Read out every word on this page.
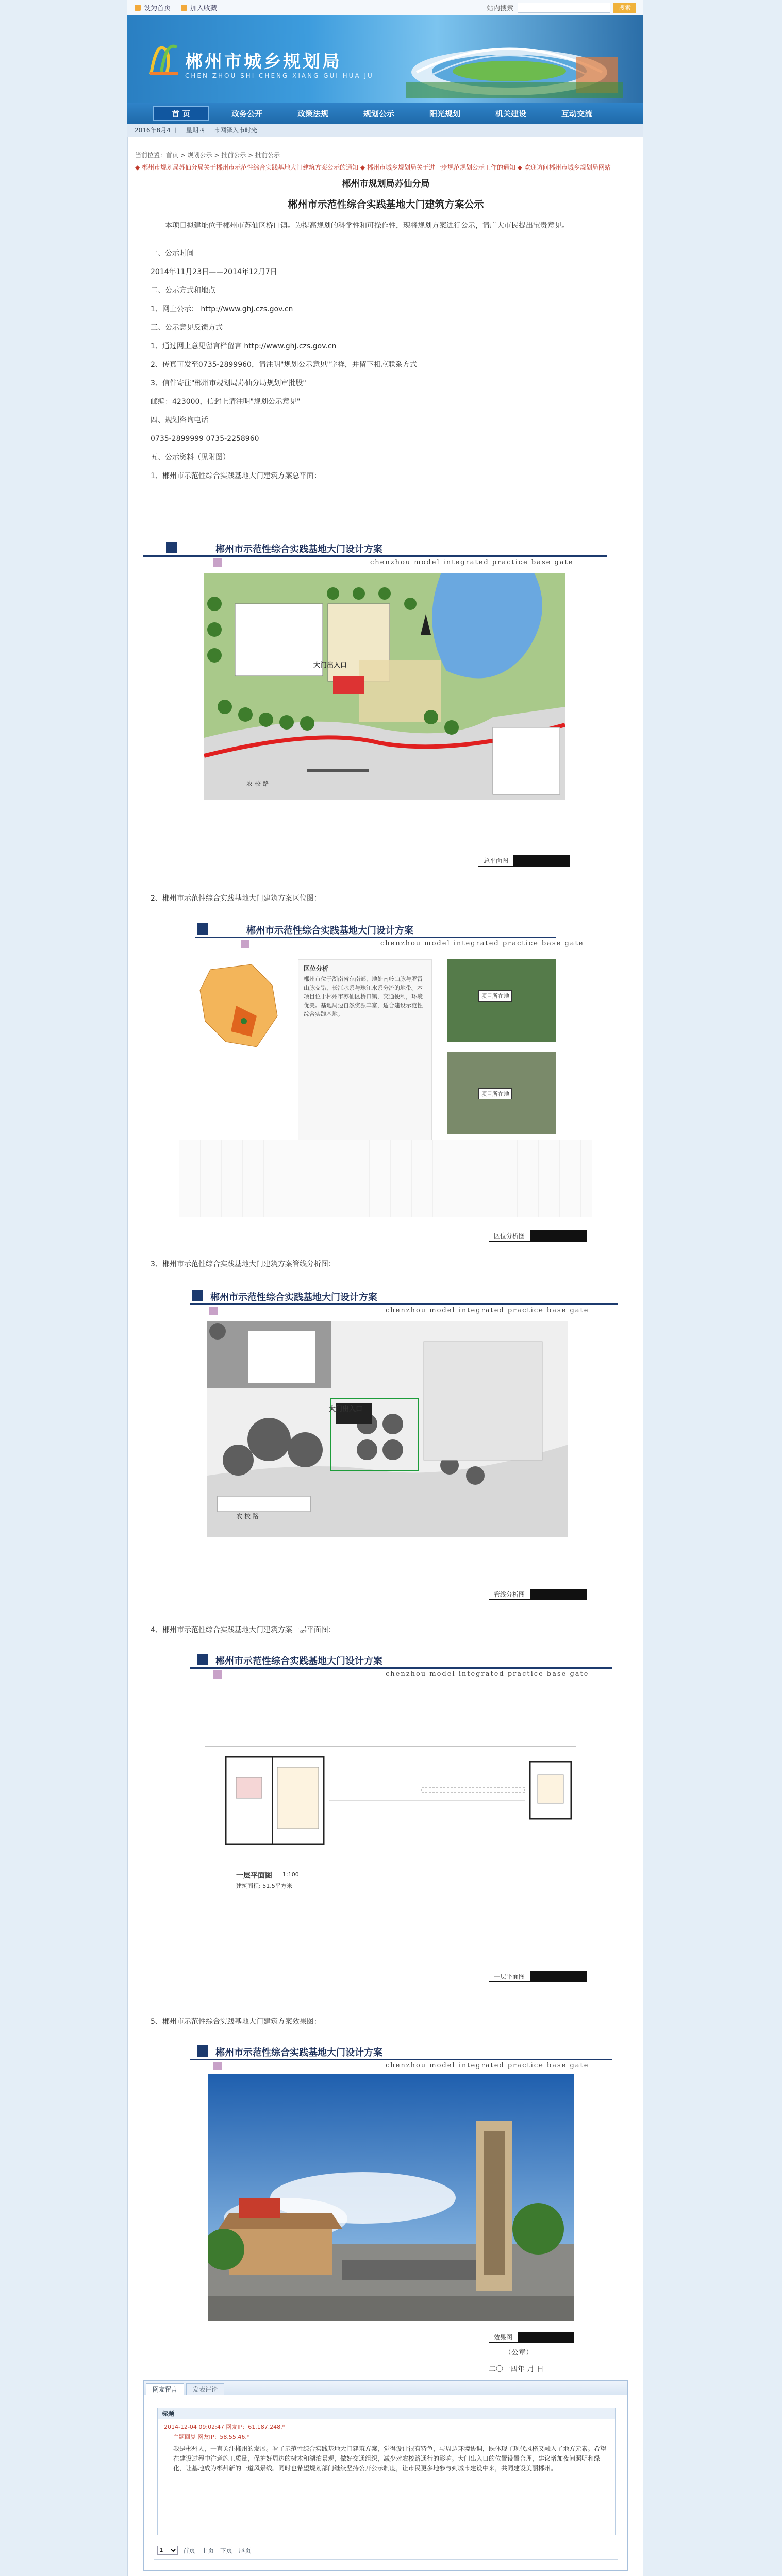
设为首页	加入收藏	站内搜索	搜索
郴州市城乡规划局
CHEN ZHOU SHI CHENG XIANG GUI HUA JU
首 页	政务公开	政策法规	规划公示	阳光规划	机关建设	互动交流
2016年8月4日 星期四 市网泽入市时光
当前位置：首页 > 规划公示 > 批前公示 > 批前公示
◆ 郴州市规划局苏仙分局关于郴州市示范性综合实践基地大门建筑方案公示的通知 ◆ 郴州市城乡规划局关于进一步规范规划公示工作的通知 ◆ 欢迎访问郴州市城乡规划局网站
郴州市规划局苏仙分局
郴州市示范性综合实践基地大门建筑方案公示
本项目拟建址位于郴州市苏仙区桥口镇。为提高规划的科学性和可操作性，现将规划方案进行公示，请广大市民提出宝贵意见。
一、公示时间
2014年11月23日——2014年12月7日
二、公示方式和地点
1、网上公示： http://www.ghj.czs.gov.cn
三、公示意见反馈方式
1、通过网上意见留言栏留言 http://www.ghj.czs.gov.cn
2、传真可发至0735-2899960，请注明"规划公示意见"字样，并留下相应联系方式
3、信件寄往"郴州市规划局苏仙分局规划审批股"
邮编：423000，信封上请注明"规划公示意见"
四、规划咨询电话
0735-2899999 0735-2258960
五、公示资料（见附图）
1、郴州市示范性综合实践基地大门建筑方案总平面：
郴州市示范性综合实践基地大门设计方案
chenzhou model integrated practice base gate
大门出入口
农 校 路
总平面图
2、郴州市示范性综合实践基地大门建筑方案区位图：
郴州市示范性综合实践基地大门设计方案
chenzhou model integrated practice base gate
区位分析
郴州市位于湖南省东南部，地处南岭山脉与罗霄山脉交错、长江水系与珠江水系分流的地带。本项目位于郴州市苏仙区桥口镇，交通便利，环境优美。基地周边自然资源丰富，适合建设示范性综合实践基地。
项目所在地
项目所在地
区位分析图
3、郴州市示范性综合实践基地大门建筑方案管线分析图：
郴州市示范性综合实践基地大门设计方案
chenzhou model integrated practice base gate
大门出入口
农 校 路
管线分析图
4、郴州市示范性综合实践基地大门建筑方案一层平面图：
郴州市示范性综合实践基地大门设计方案
chenzhou model integrated practice base gate
一层平面图 1:100
建筑面积: 51.5平方米
一层平面图
5、郴州市示范性综合实践基地大门建筑方案效果图：
郴州市示范性综合实践基地大门设计方案
chenzhou model integrated practice base gate
效果图
（公章）
二〇一四年 月 日
网友留言	发表评论
标题
2014-12-04 09:02:47 网友IP：61.187.248.*
主题回复 网友IP：58.55.46.*
我是郴州人，一直关注郴州的发展。看了示范性综合实践基地大门建筑方案，觉得设计很有特色，与周边环境协调，既体现了现代风格又融入了地方元素。希望在建设过程中注意施工质量，保护好周边的树木和湖泊景观，做好交通组织，减少对农校路通行的影响。大门出入口的位置设置合理，建议增加夜间照明和绿化，让基地成为郴州新的一道风景线。同时也希望规划部门继续坚持公开公示制度，让市民更多地参与到城市建设中来，共同建设美丽郴州。
1
首页 上页 下页 尾页
